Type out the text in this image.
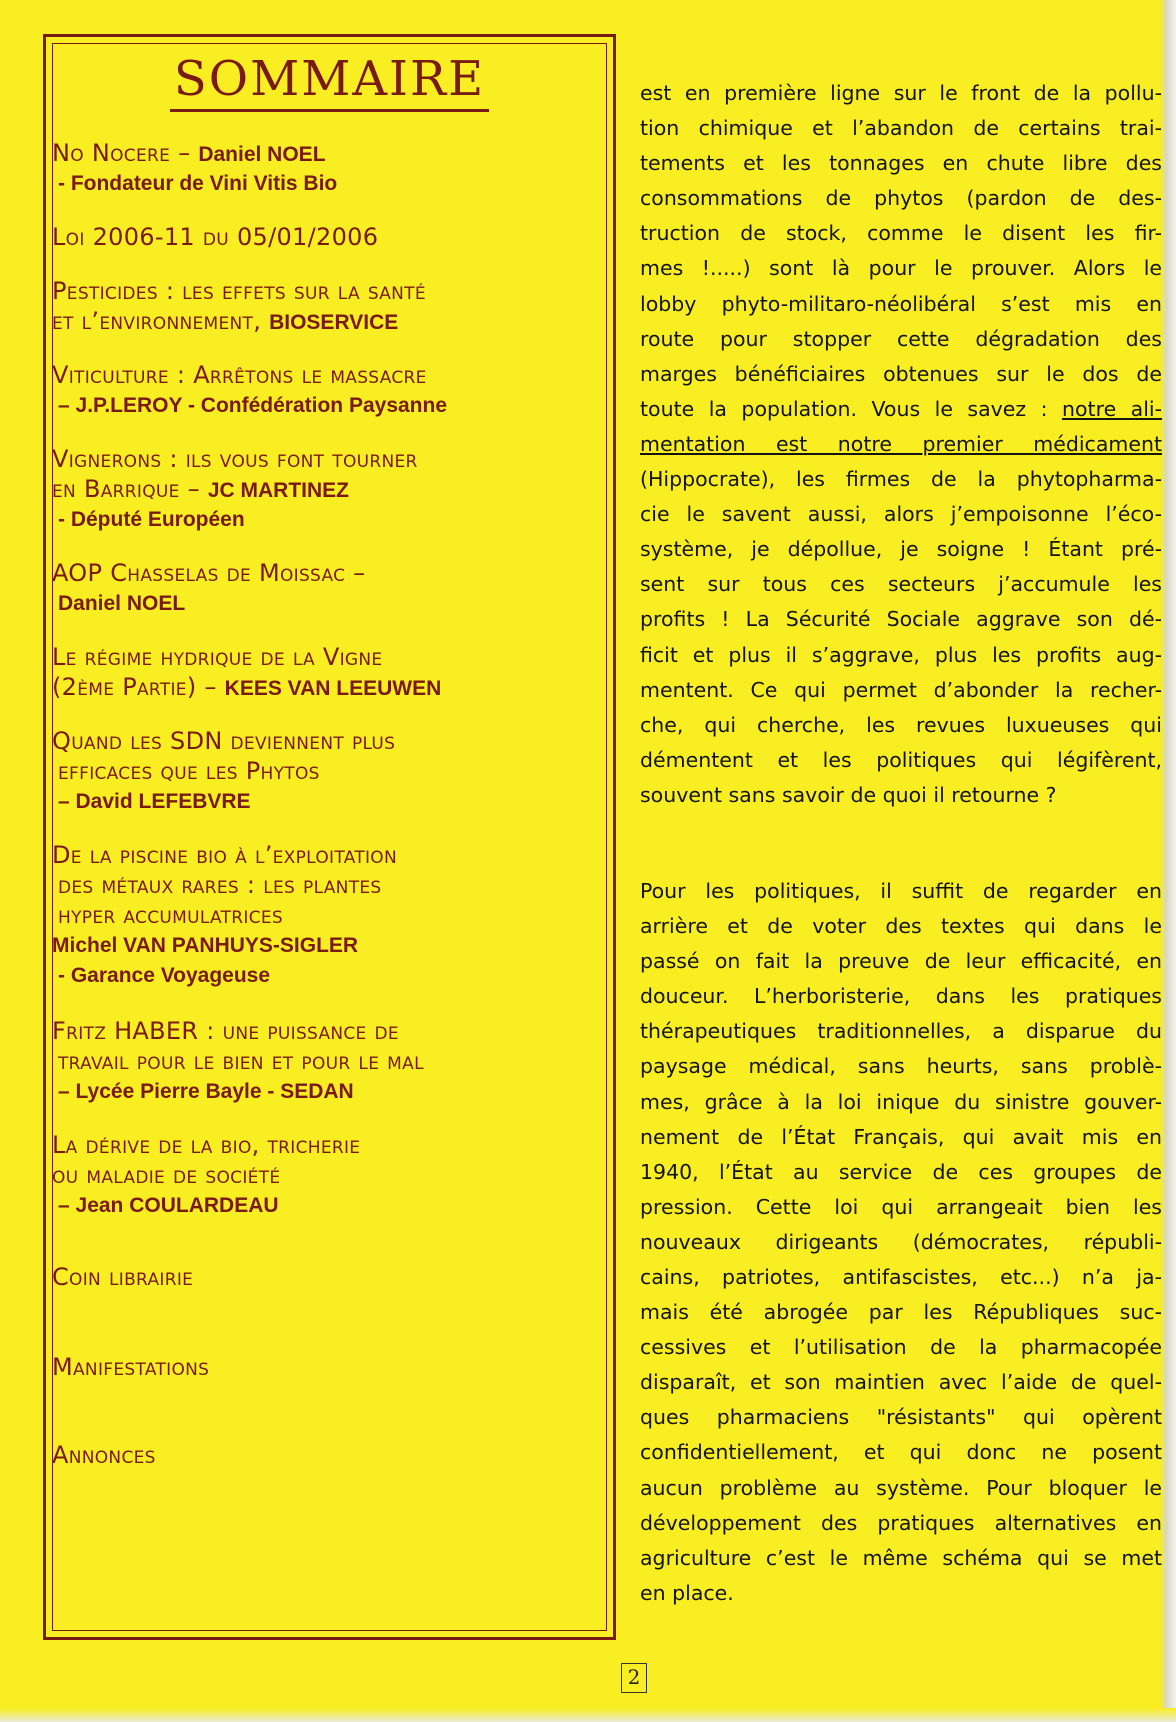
SOMMAIRE
No Nocere – Daniel NOEL
- Fondateur de Vini Vitis Bio
Loi 2006-11 du 05/01/2006
Pesticides : les effets sur la santé
et l’environnement, BIOSERVICE
Viticulture : Arrêtons le massacre
– J.P.LEROY - Confédération Paysanne
Vignerons : ils vous font tourner
en Barrique – JC MARTINEZ
- Député Européen
AOP Chasselas de Moissac –
Daniel NOEL
Le régime hydrique de la Vigne
(2ème Partie) – KEES VAN LEEUWEN
Quand les SDN deviennent plus
efficaces que les Phytos
– David LEFEBVRE
De la piscine bio à l’exploitation
des métaux rares : les plantes
hyper accumulatrices
Michel VAN PANHUYS-SIGLER
- Garance Voyageuse
Fritz HABER : une puissance de
travail pour le bien et pour le mal
– Lycée Pierre Bayle - SEDAN
La dérive de la bio, tricherie
ou maladie de société
– Jean COULARDEAU
Coin librairie
Manifestations
Annonces
est en première ligne sur le front de la pollu-
tion chimique et l’abandon de certains trai-
tements et les tonnages en chute libre des
consommations de phytos (pardon de des-
truction de stock, comme le disent les fir-
mes !.....) sont là pour le prouver. Alors le
lobby phyto-militaro-néolibéral s’est mis en
route pour stopper cette dégradation des
marges bénéficiaires obtenues sur le dos de
toute la population. Vous le savez : notre ali-
mentation est notre premier médicament
(Hippocrate), les firmes de la phytopharma-
cie le savent aussi, alors j’empoisonne l’éco-
système, je dépollue, je soigne ! Étant pré-
sent sur tous ces secteurs j’accumule les
profits ! La Sécurité Sociale aggrave son dé-
ficit et plus il s’aggrave, plus les profits aug-
mentent. Ce qui permet d’abonder la recher-
che, qui cherche, les revues luxueuses qui
démentent et les politiques qui légifèrent,
souvent sans savoir de quoi il retourne ?
Pour les politiques, il suffit de regarder en
arrière et de voter des textes qui dans le
passé on fait la preuve de leur efficacité, en
douceur. L’herboristerie, dans les pratiques
thérapeutiques traditionnelles, a disparue du
paysage médical, sans heurts, sans problè-
mes, grâce à la loi inique du sinistre gouver-
nement de l’État Français, qui avait mis en
1940, l’État au service de ces groupes de
pression. Cette loi qui arrangeait bien les
nouveaux dirigeants (démocrates, républi-
cains, patriotes, antifascistes, etc...) n’a ja-
mais été abrogée par les Républiques suc-
cessives et l’utilisation de la pharmacopée
disparaît, et son maintien avec l’aide de quel-
ques pharmaciens "résistants" qui opèrent
confidentiellement, et qui donc ne posent
aucun problème au système. Pour bloquer le
développement des pratiques alternatives en
agriculture c’est le même schéma qui se met
en place.
2
